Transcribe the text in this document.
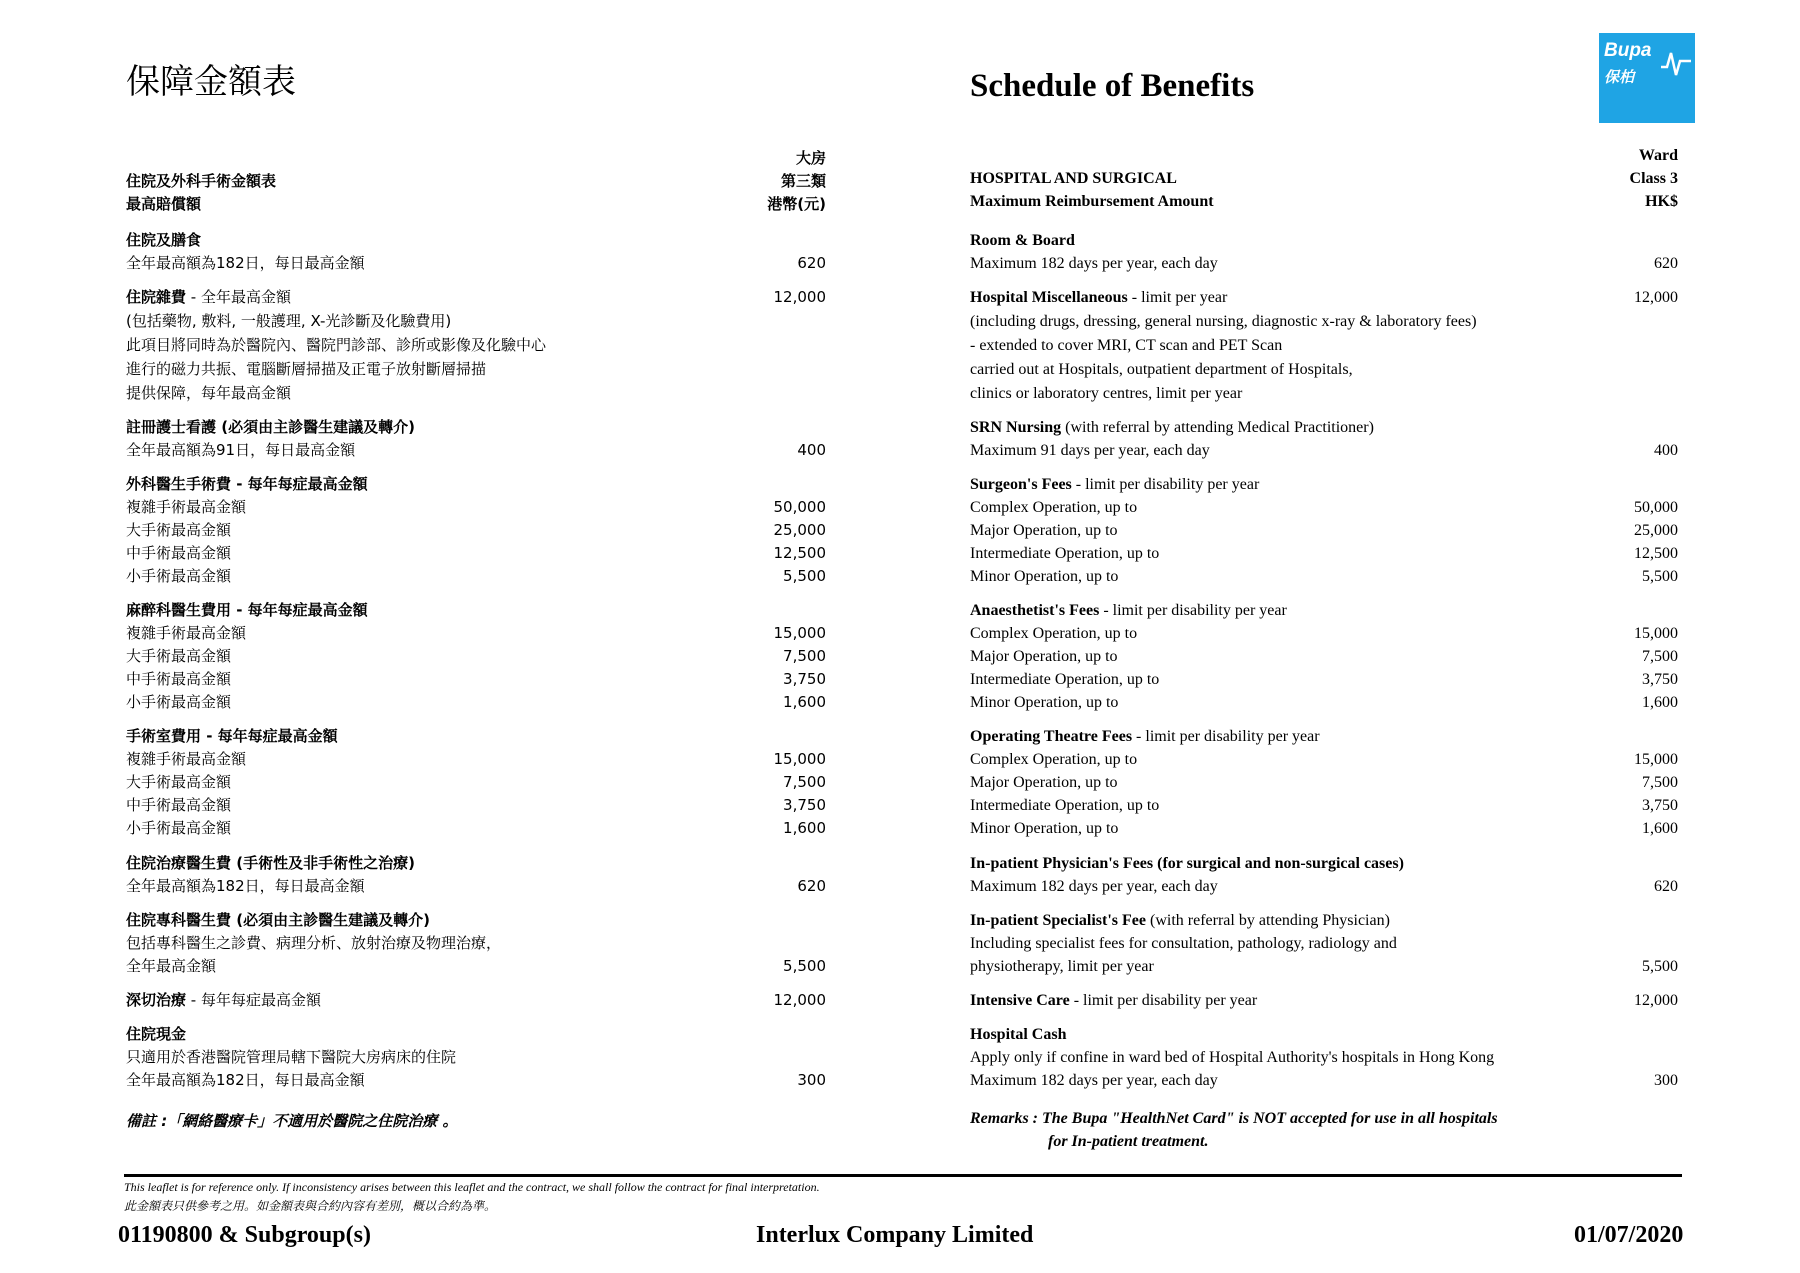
保障金額表	Schedule of Benefits
Bupa
保柏
住院及外科手術金額表
最高賠償額
大房
第三類
港幣(元)
住院及膳食
全年最高額為182日，每日最高金額	620
住院雜費 - 全年最高金額	12,000
(包括藥物, 敷料, 一般護理, X-光診斷及化驗費用)
此項目將同時為於醫院內、醫院門診部、診所或影像及化驗中心
進行的磁力共振、電腦斷層掃描及正電子放射斷層掃描
提供保障，每年最高金額
註冊護士看護 (必須由主診醫生建議及轉介)
全年最高額為91日，每日最高金額	400
外科醫生手術費 - 每年每症最高金額
複雜手術最高金額	50,000
大手術最高金額	25,000
中手術最高金額	12,500
小手術最高金額	5,500
麻醉科醫生費用 - 每年每症最高金額
複雜手術最高金額	15,000
大手術最高金額	7,500
中手術最高金額	3,750
小手術最高金額	1,600
手術室費用 - 每年每症最高金額
複雜手術最高金額	15,000
大手術最高金額	7,500
中手術最高金額	3,750
小手術最高金額	1,600
住院治療醫生費 (手術性及非手術性之治療)
全年最高額為182日，每日最高金額	620
住院專科醫生費 (必須由主診醫生建議及轉介)
包括專科醫生之診費、病理分析、放射治療及物理治療，
全年最高金額	5,500
深切治療 - 每年每症最高金額	12,000
住院現金
只適用於香港醫院管理局轄下醫院大房病床的住院
全年最高額為182日，每日最高金額	300
備註 :「網絡醫療卡」不適用於醫院之住院治療 。
HOSPITAL AND SURGICAL
Maximum Reimbursement Amount
Ward
Class 3
HK$
Room & Board
Maximum 182 days per year, each day	620
Hospital Miscellaneous - limit per year	12,000
(including drugs, dressing, general nursing, diagnostic x-ray & laboratory fees)
- extended to cover MRI, CT scan and PET Scan
carried out at Hospitals, outpatient department of Hospitals,
clinics or laboratory centres, limit per year
SRN Nursing (with referral by attending Medical Practitioner)
Maximum 91 days per year, each day	400
Surgeon's Fees - limit per disability per year
Complex Operation, up to	50,000
Major Operation, up to	25,000
Intermediate Operation, up to	12,500
Minor Operation, up to	5,500
Anaesthetist's Fees - limit per disability per year
Complex Operation, up to	15,000
Major Operation, up to	7,500
Intermediate Operation, up to	3,750
Minor Operation, up to	1,600
Operating Theatre Fees - limit per disability per year
Complex Operation, up to	15,000
Major Operation, up to	7,500
Intermediate Operation, up to	3,750
Minor Operation, up to	1,600
In-patient Physician's Fees (for surgical and non-surgical cases)
Maximum 182 days per year, each day	620
In-patient Specialist's Fee (with referral by attending Physician)
Including specialist fees for consultation, pathology, radiology and
physiotherapy, limit per year	5,500
Intensive Care - limit per disability per year	12,000
Hospital Cash
Apply only if confine in ward bed of Hospital Authority's hospitals in Hong Kong
Maximum 182 days per year, each day	300
Remarks : The Bupa "HealthNet Card" is NOT accepted for use in all hospitals
for In-patient treatment.
This leaflet is for reference only. If inconsistency arises between this leaflet and the contract, we shall follow the contract for final interpretation.
此金額表只供參考之用。如金額表與合約內容有差別，概以合約為準。
01190800 & Subgroup(s)	Interlux Company Limited	01/07/2020
